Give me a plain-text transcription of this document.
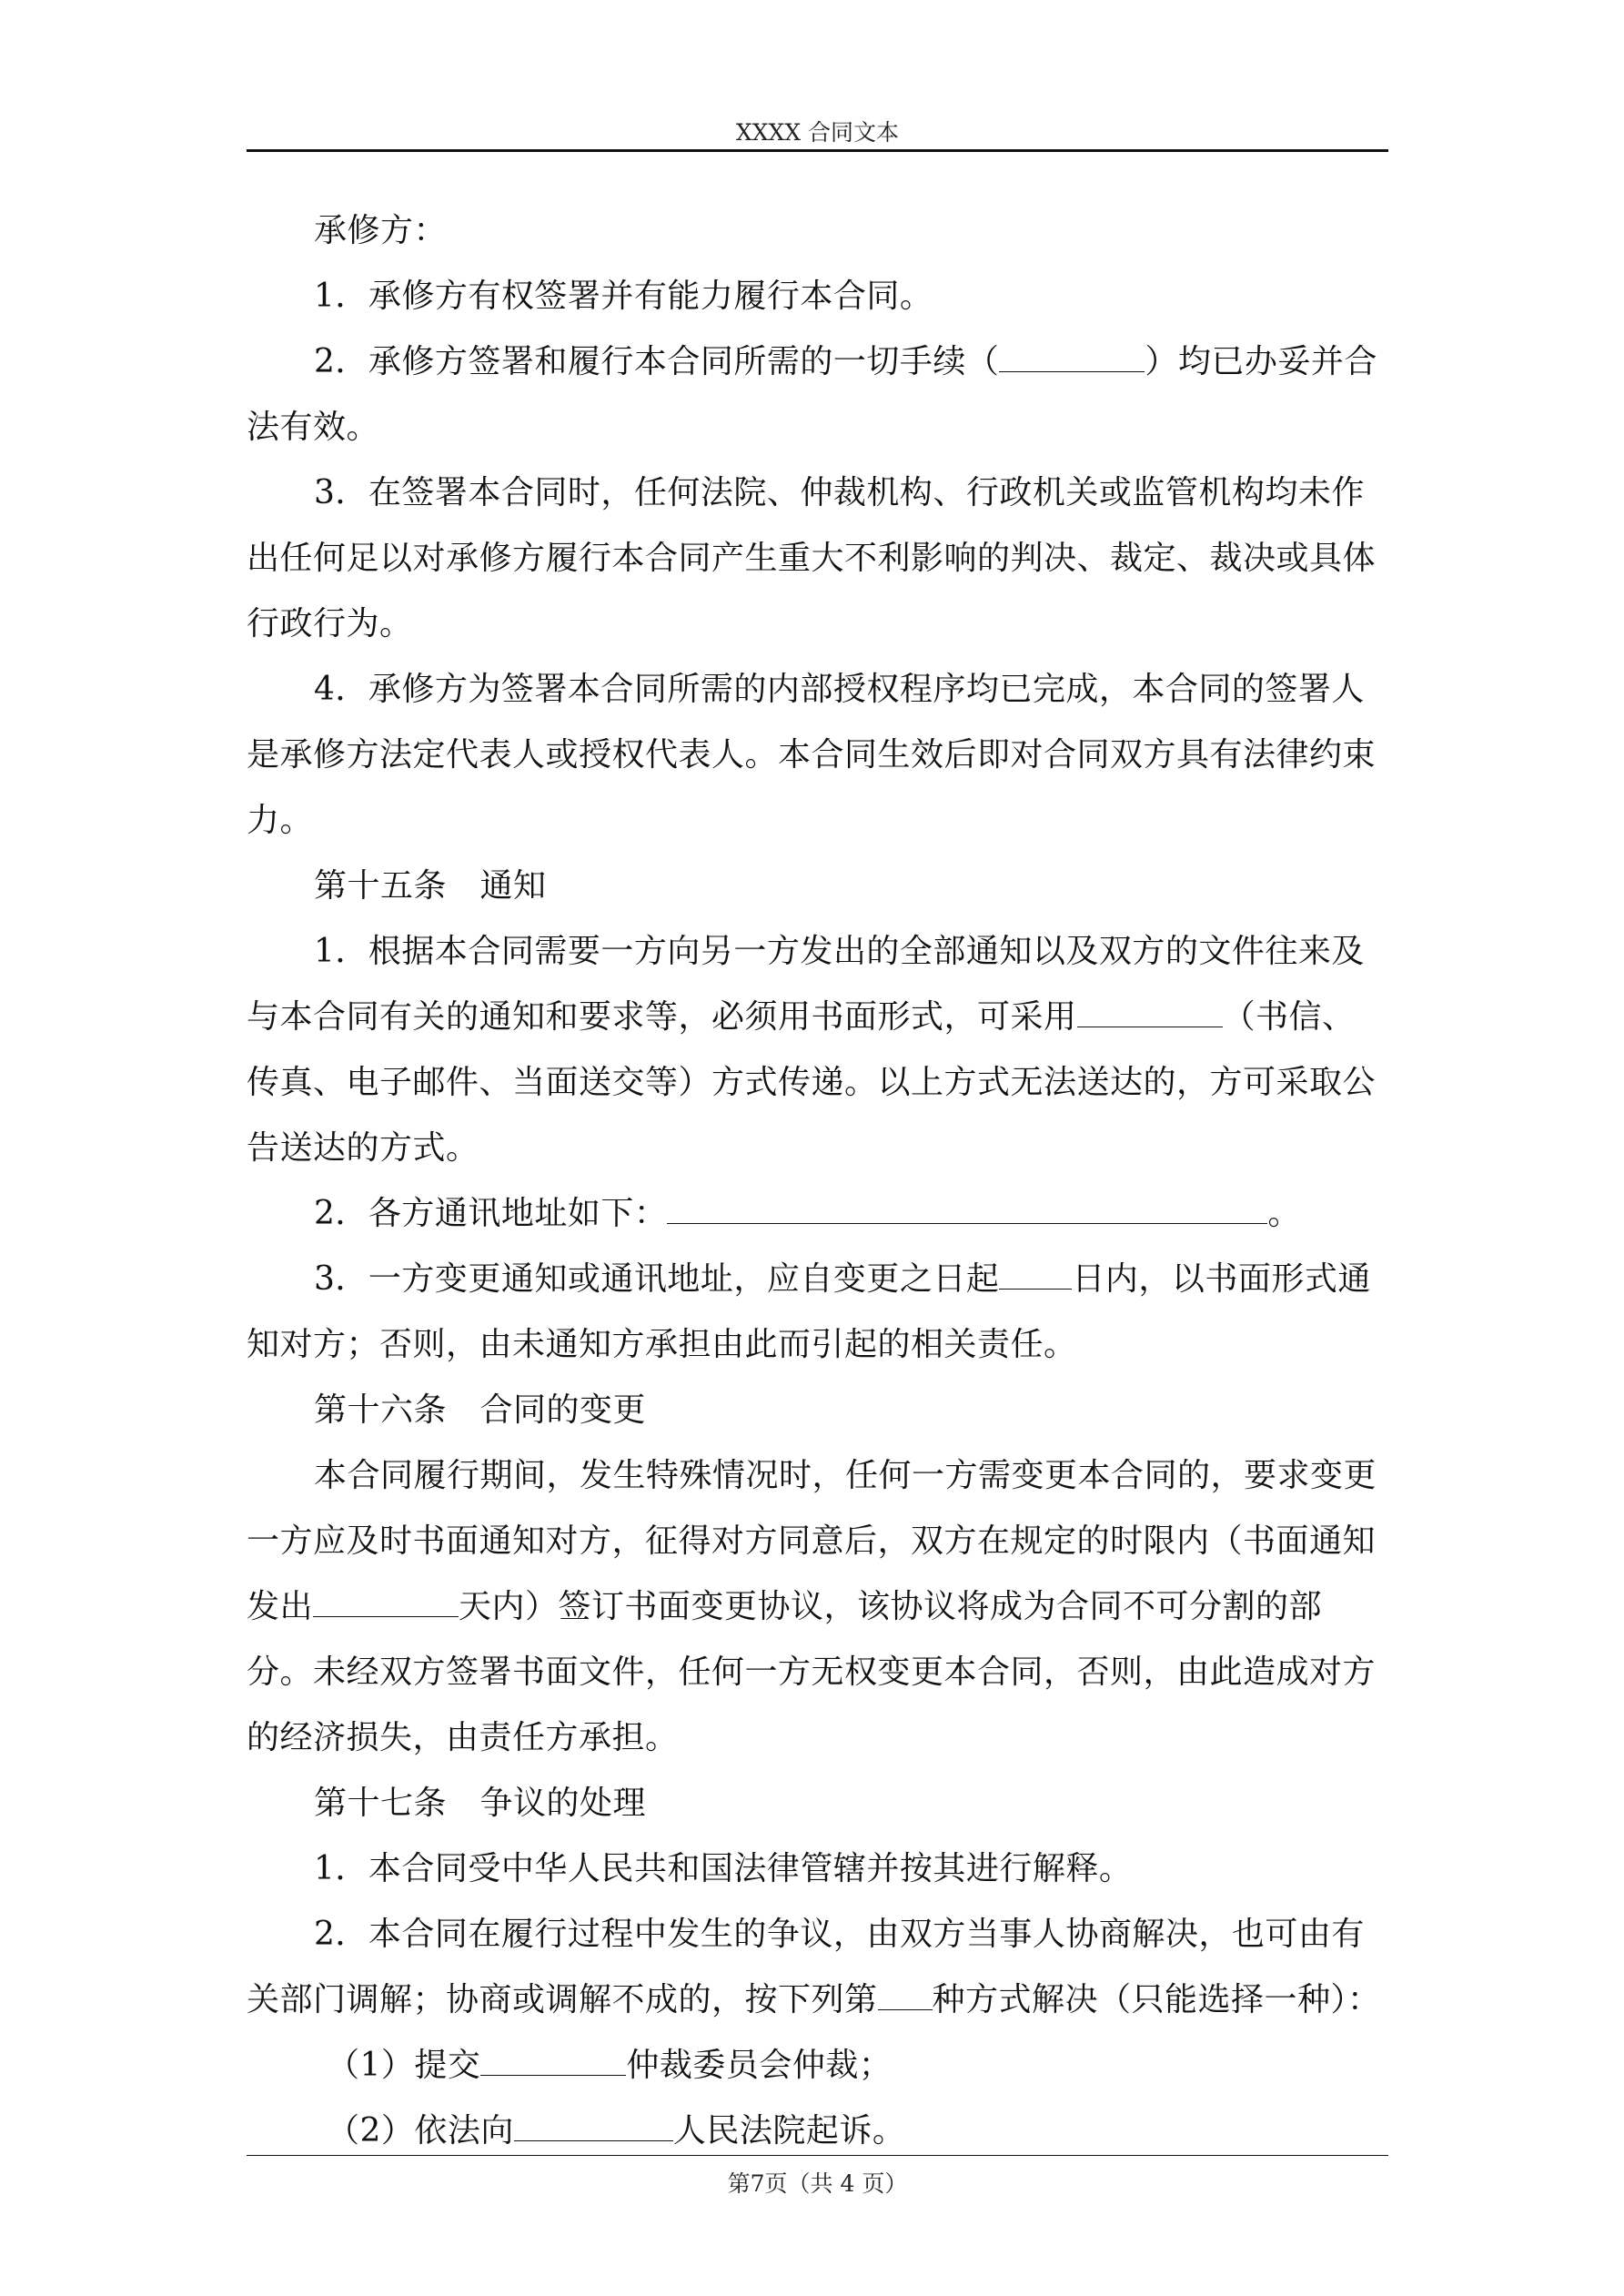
XXXX 合同文本

承修方：

1．承修方有权签署并有能力履行本合同。

2．承修方签署和履行本合同所需的一切手续（	）均已办妥并合法有效。

3．在签署本合同时，任何法院、仲裁机构、行政机关或监管机构均未作出任何足以对承修方履行本合同产生重大不利影响的判决、裁定、裁决或具体行政行为。

4．承修方为签署本合同所需的内部授权程序均已完成，本合同的签署人是承修方法定代表人或授权代表人。本合同生效后即对合同双方具有法律约束力。

第十五条　通知

1．根据本合同需要一方向另一方发出的全部通知以及双方的文件往来及与本合同有关的通知和要求等，必须用书面形式，可采用	（书信、传真、电子邮件、当面送交等）方式传递。以上方式无法送达的，方可采取公告送达的方式。

2．各方通讯地址如下：	。

3．一方变更通知或通讯地址，应自变更之日起 日内，以书面形式通知对方；否则，由未通知方承担由此而引起的相关责任。

第十六条　合同的变更

本合同履行期间，发生特殊情况时，任何一方需变更本合同的，要求变更一方应及时书面通知对方，征得对方同意后，双方在规定的时限内（书面通知发出	天内）签订书面变更协议，该协议将成为合同不可分割的部分。未经双方签署书面文件，任何一方无权变更本合同，否则，由此造成对方的经济损失，由责任方承担。

第十七条　争议的处理

1．本合同受中华人民共和国法律管辖并按其进行解释。

2．本合同在履行过程中发生的争议，由双方当事人协商解决，也可由有关部门调解；协商或调解不成的，按下列第 种方式解决（只能选择一种）：

（1）提交	仲裁委员会仲裁；

（2）依法向	人民法院起诉。

第7页（共 4 页）
